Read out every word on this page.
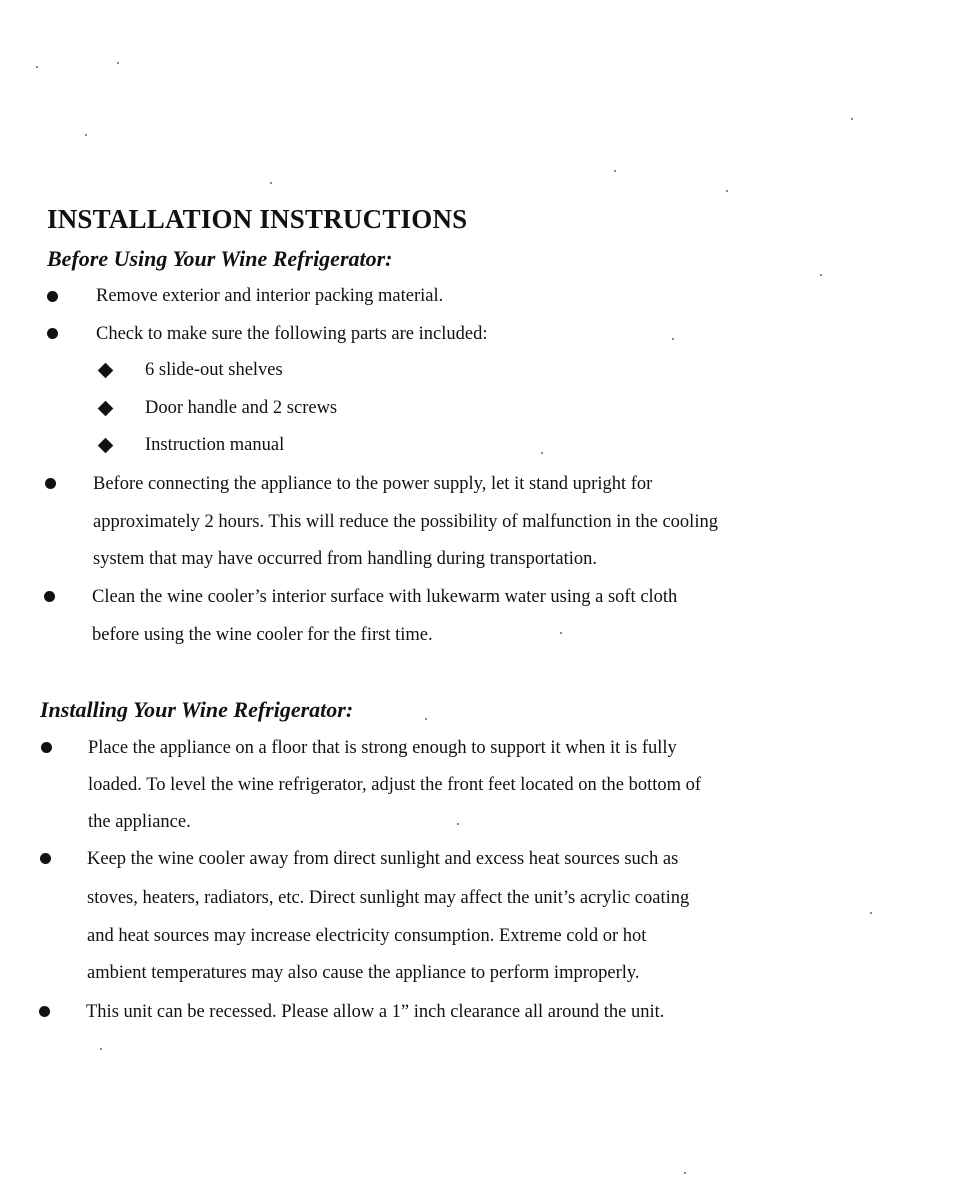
INSTALLATION INSTRUCTIONS
Before Using Your Wine Refrigerator:
Remove exterior and interior packing material.
Check to make sure the following parts are included:
6 slide-out shelves
Door handle and 2 screws
Instruction manual
Before connecting the appliance to the power supply, let it stand upright for
approximately 2 hours. This will reduce the possibility of malfunction in the cooling
system that may have occurred from handling during transportation.
Clean the wine cooler’s interior surface with lukewarm water using a soft cloth
before using the wine cooler for the first time.
Installing Your Wine Refrigerator:
Place the appliance on a floor that is strong enough to support it when it is fully
loaded. To level the wine refrigerator, adjust the front feet located on the bottom of
the appliance.
Keep the wine cooler away from direct sunlight and excess heat sources such as
stoves, heaters, radiators, etc. Direct sunlight may affect the unit’s acrylic coating
and heat sources may increase electricity consumption. Extreme cold or hot
ambient temperatures may also cause the appliance to perform improperly.
This unit can be recessed. Please allow a 1” inch clearance all around the unit.
